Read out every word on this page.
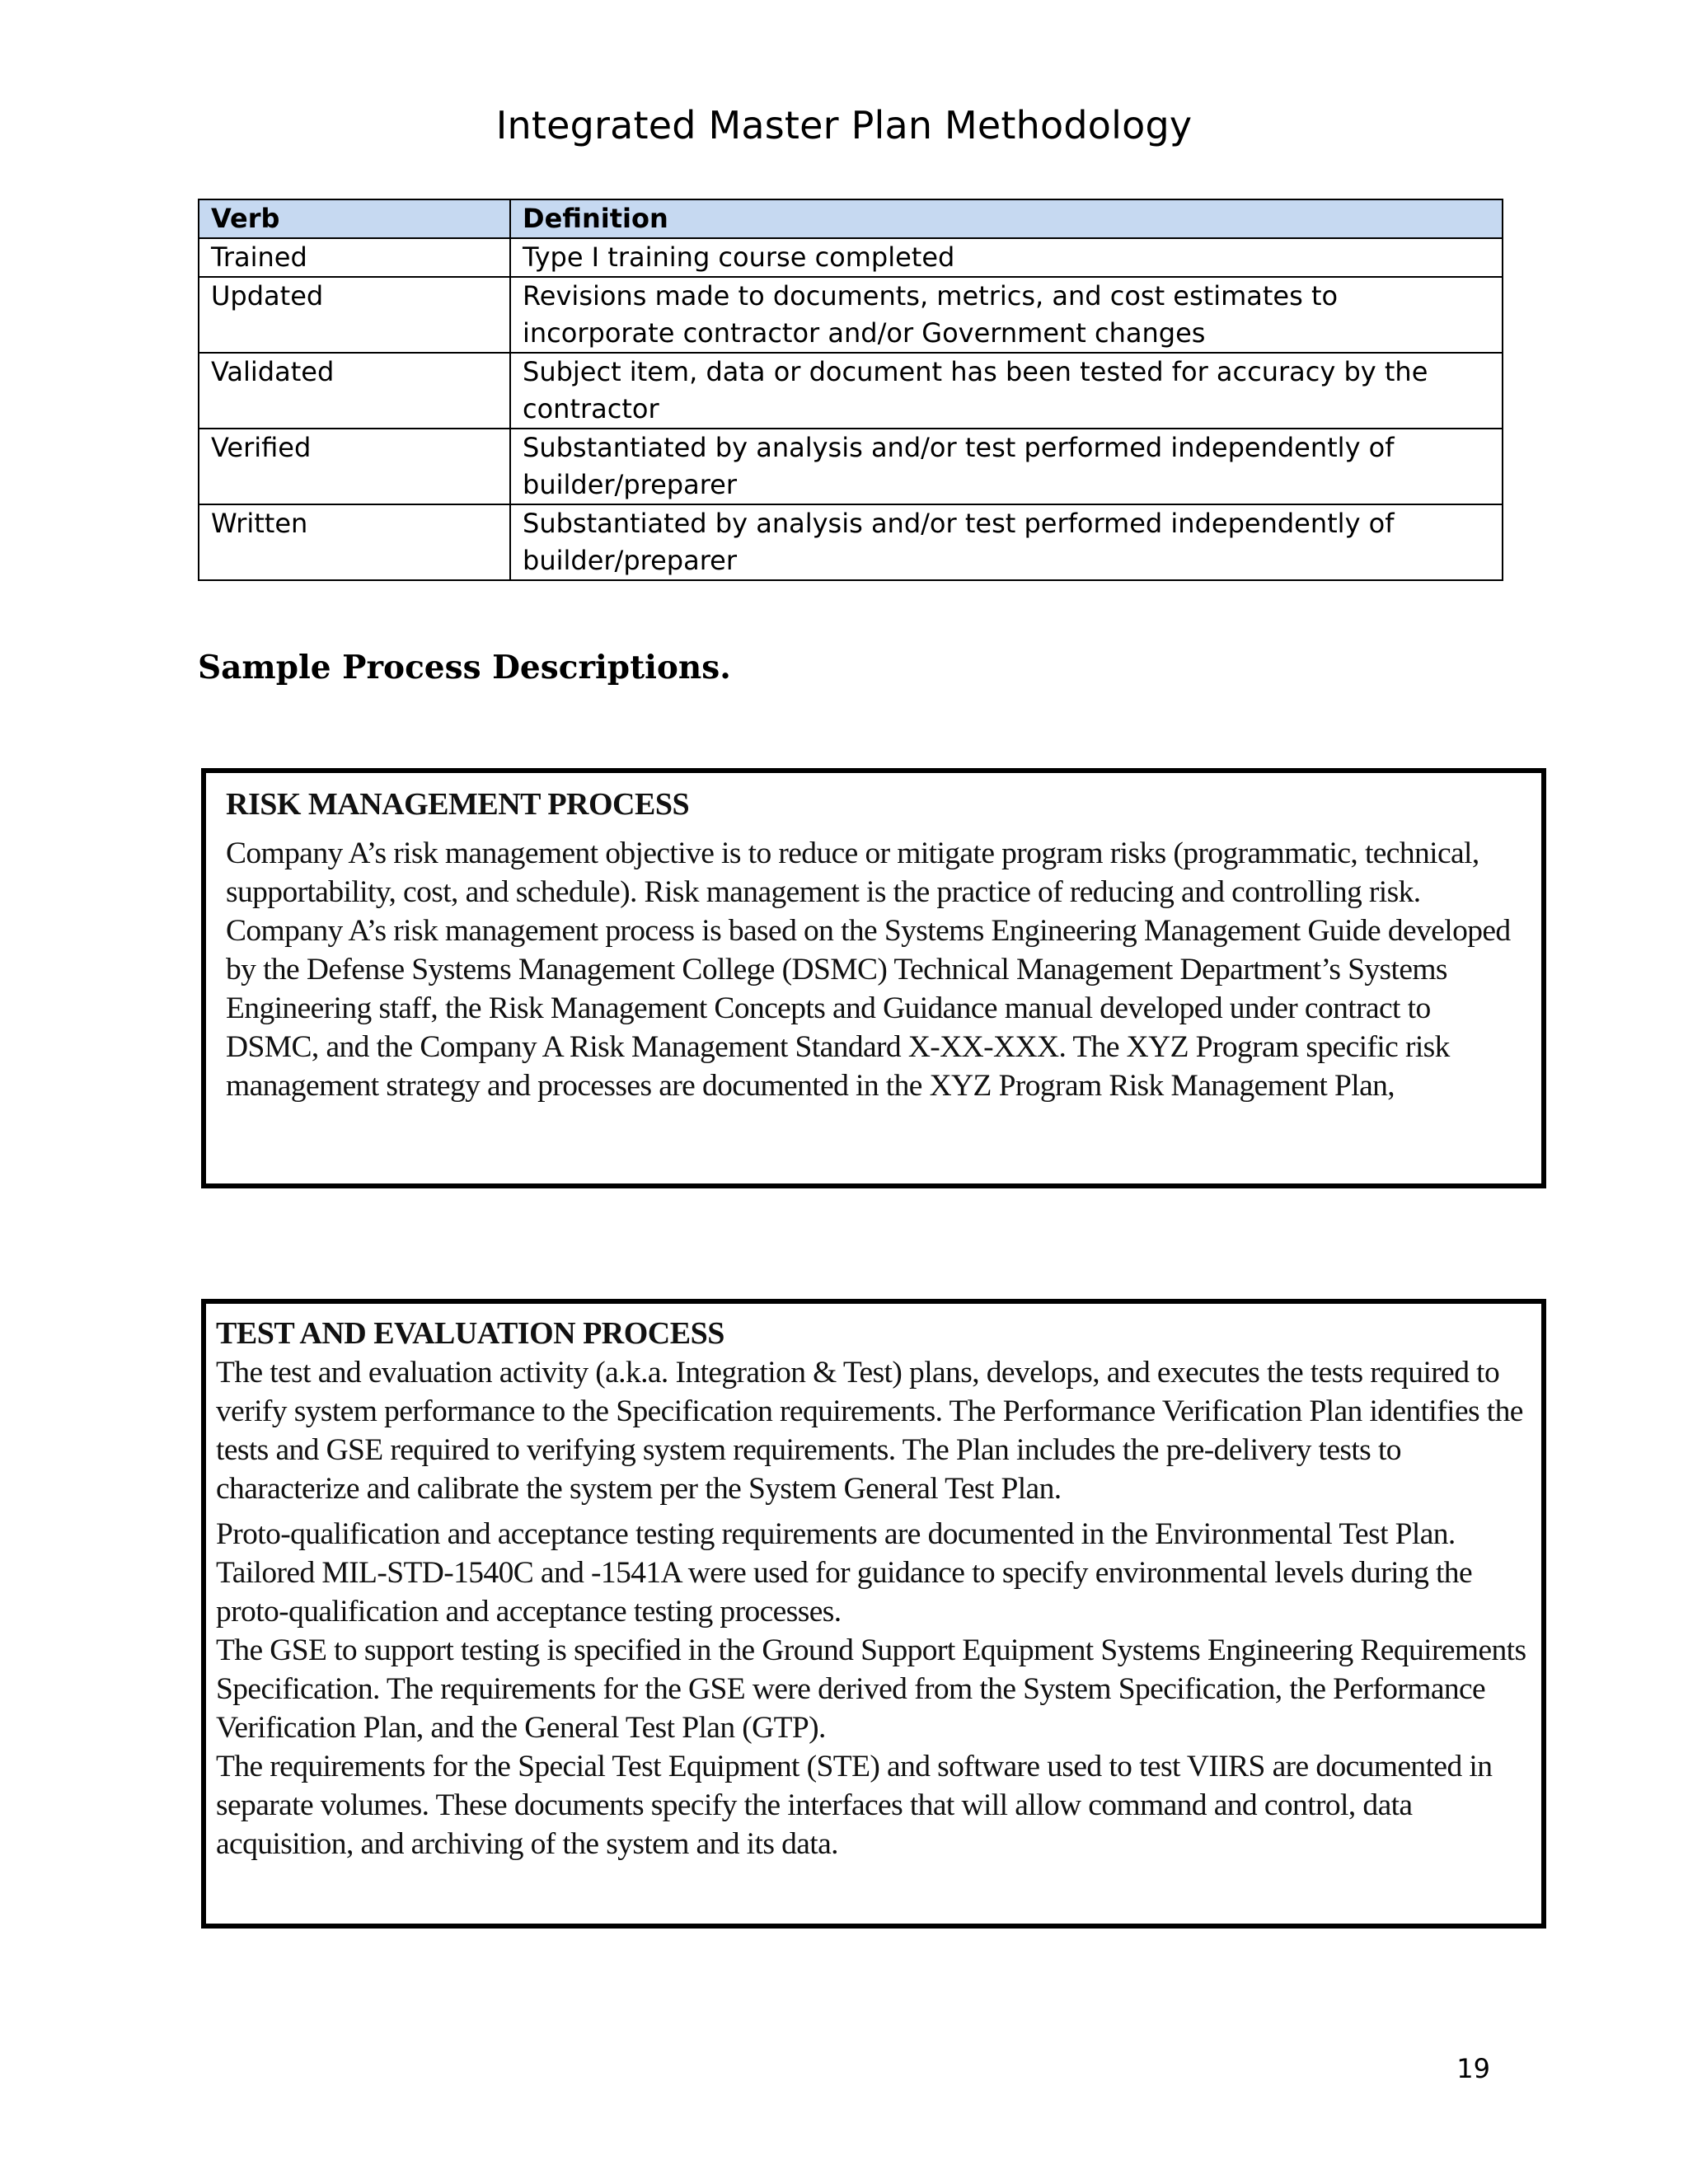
Integrated Master Plan Methodology
Verb	Definition
Trained	Type I training course completed
Updated	Revisions made to documents, metrics, and cost estimates to incorporate contractor and/or Government changes
Validated	Subject item, data or document has been tested for accuracy by the contractor
Verified	Substantiated by analysis and/or test performed independently of builder/preparer
Written	Substantiated by analysis and/or test performed independently of builder/preparer
Sample Process Descriptions.
RISK MANAGEMENT PROCESS
Company A’s risk management objective is to reduce or mitigate program risks (programmatic, technical, supportability, cost, and schedule). Risk management is the practice of reducing and controlling risk. Company A’s risk management process is based on the Systems Engineering Management Guide developed by the Defense Systems Management College (DSMC) Technical Management Department’s Systems Engineering staff, the Risk Management Concepts and Guidance manual developed under contract to DSMC, and the Company A Risk Management Standard X-XX-XXX. The XYZ Program specific risk management strategy and processes are documented in the XYZ Program Risk Management Plan,
TEST AND EVALUATION PROCESS
The test and evaluation activity (a.k.a. Integration & Test) plans, develops, and executes the tests required to verify system performance to the Specification requirements. The Performance Verification Plan identifies the tests and GSE required to verifying system requirements. The Plan includes the pre-delivery tests to characterize and calibrate the system per the System General Test Plan.
Proto-qualification and acceptance testing requirements are documented in the Environmental Test Plan. Tailored MIL-STD-1540C and -1541A were used for guidance to specify environmental levels during the proto-qualification and acceptance testing processes.
The GSE to support testing is specified in the Ground Support Equipment Systems Engineering Requirements Specification. The requirements for the GSE were derived from the System Specification, the Performance Verification Plan, and the General Test Plan (GTP).
The requirements for the Special Test Equipment (STE) and software used to test VIIRS are documented in separate volumes. These documents specify the interfaces that will allow command and control, data acquisition, and archiving of the system and its data.
19
